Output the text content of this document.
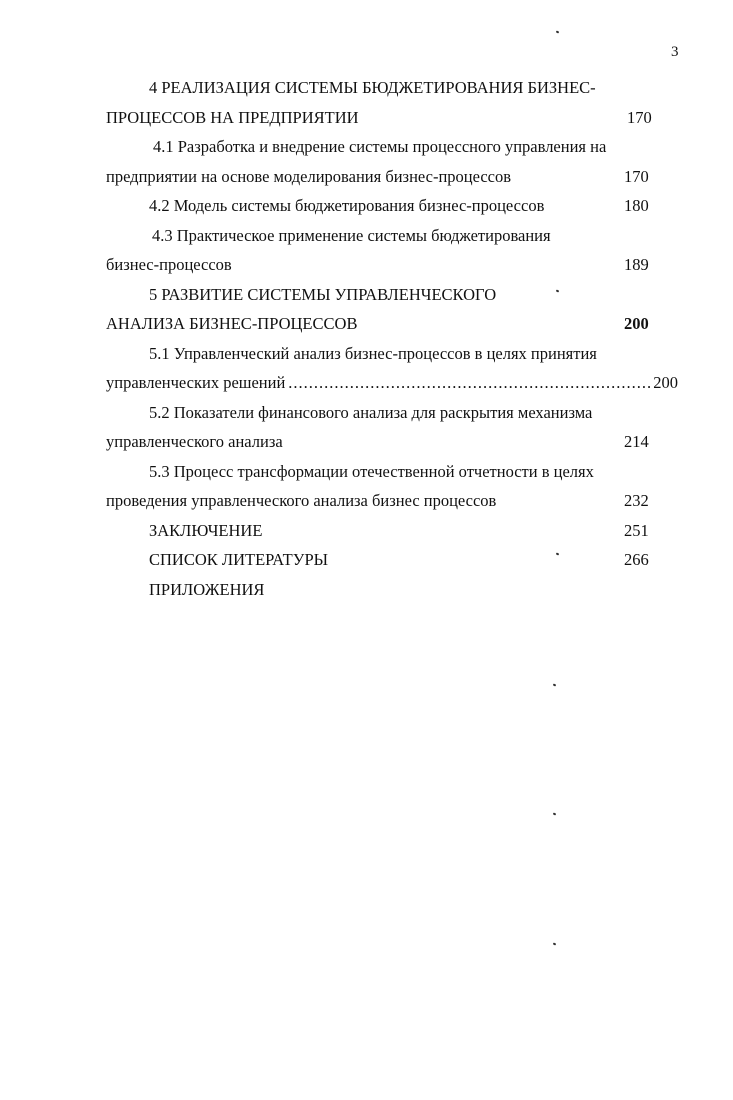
3
4 РЕАЛИЗАЦИЯ СИСТЕМЫ БЮДЖЕТИРОВАНИЯ БИЗНЕС-
ПРОЦЕССОВ НА ПРЕДПРИЯТИИ	170
4.1 Разработка и внедрение системы процессного управления на
предприятии на основе моделирования бизнес-процессов	170
4.2 Модель системы бюджетирования бизнес-процессов	180
4.3 Практическое применение системы бюджетирования
бизнес-процессов	189
5 РАЗВИТИЕ СИСТЕМЫ УПРАВЛЕНЧЕСКОГО
АНАЛИЗА БИЗНЕС-ПРОЦЕССОВ	200
5.1 Управленческий анализ бизнес-процессов в целях принятия
управленческих решений .....	200
5.2 Показатели финансового анализа для раскрытия механизма
управленческого анализа	214
5.3 Процесс трансформации отечественной отчетности в целях
проведения управленческого анализа бизнес процессов	232
ЗАКЛЮЧЕНИЕ	251
СПИСОК ЛИТЕРАТУРЫ	266
ПРИЛОЖЕНИЯ
